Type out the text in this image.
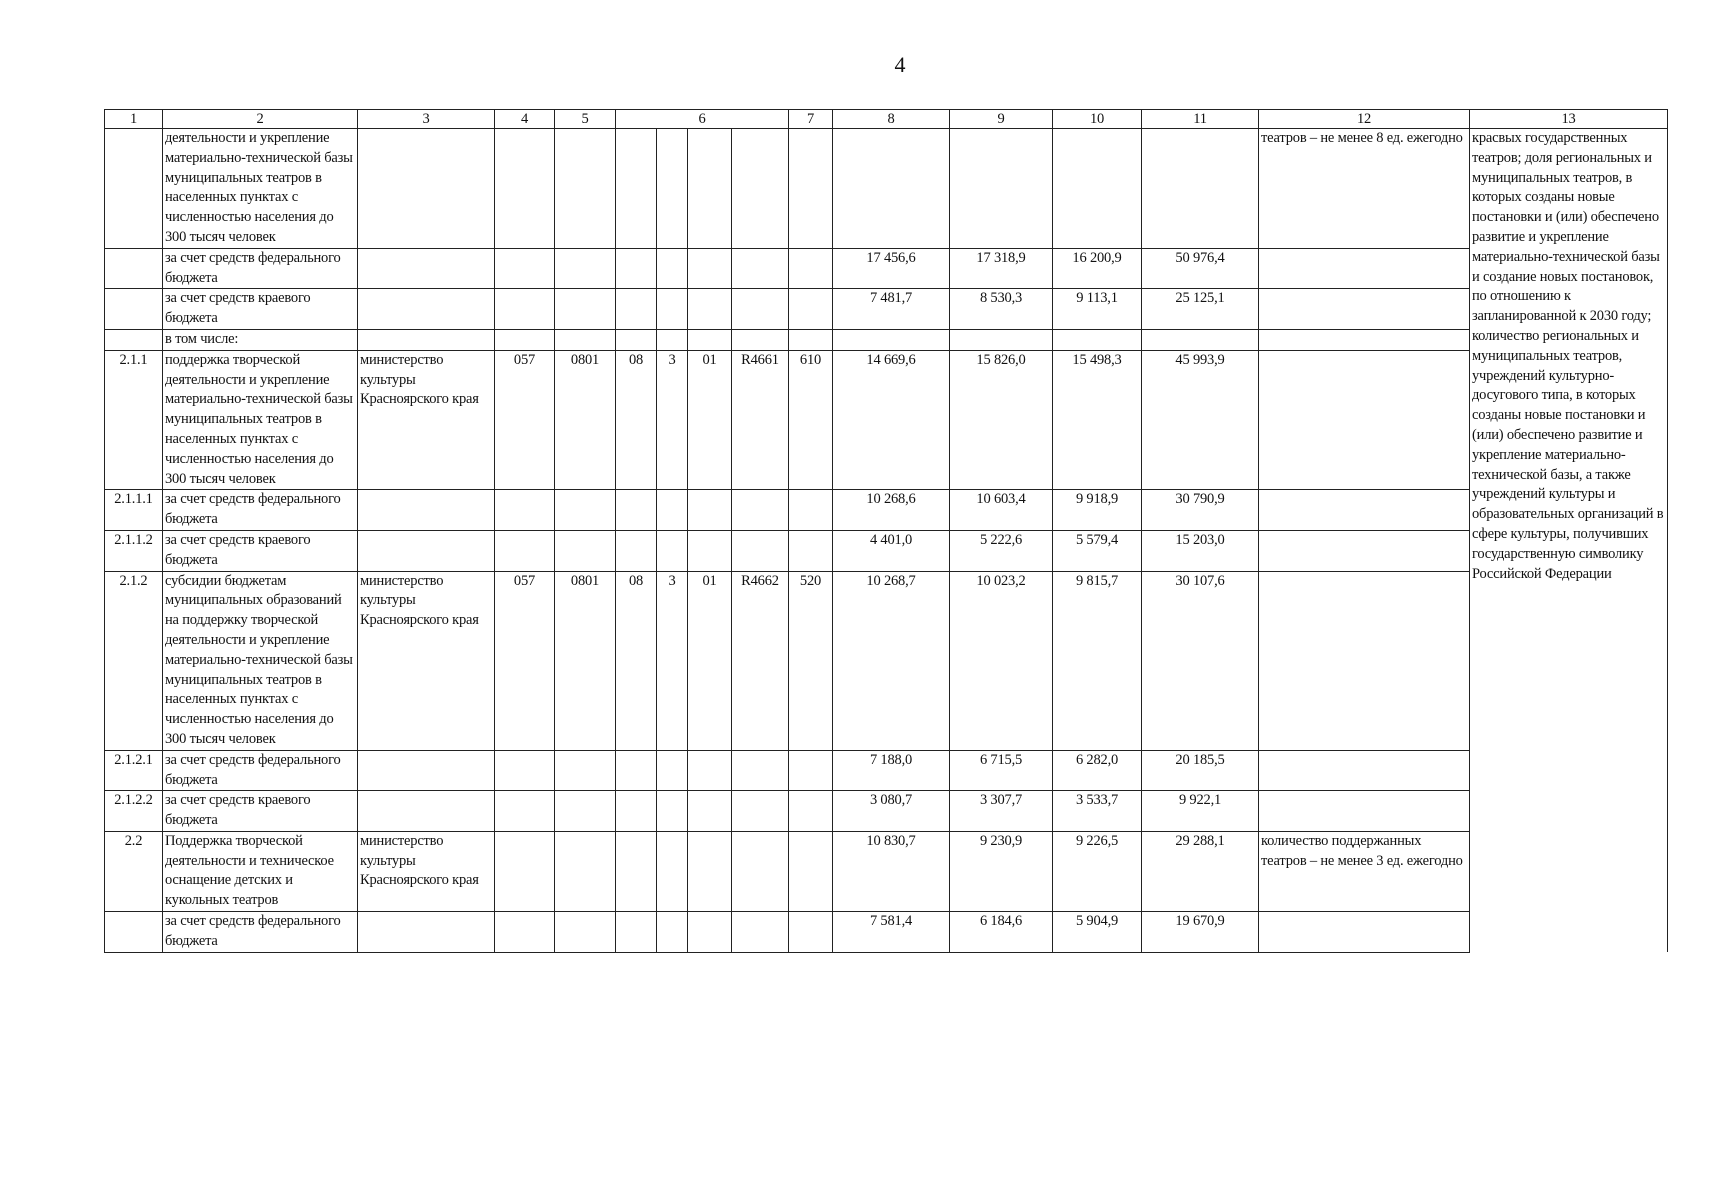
4
1	2	3	4	5	6				7	8	9	10	11	12	13
	деятельности и укрепление материально-технической базы муниципальных театров в населенных пунктах с численностью населения до 300 тысяч человек													театров – не менее 8 ед. ежегодно	красвых государственных театров; доля региональных и муниципальных театров, в которых созданы новые постановки и (или) обеспечено развитие и укрепление материально-технической базы и создание новых постановок, по отношению к запланированной к 2030 году; количество региональных и муниципальных театров, учреждений культурно-досугового типа, в которых созданы новые постановки и (или) обеспечено развитие и укрепление материально-технической базы, а также учреждений культуры и образовательных организаций в сфере культуры, получивших государственную символику Российской Федерации
	за счет средств федерального бюджета									17 456,6	17 318,9	16 200,9	50 976,4		
	за счет средств краевого бюджета									7 481,7	8 530,3	9 113,1	25 125,1		
	в том числе:														
2.1.1	поддержка творческой деятельности и укрепление материально-технической базы муниципальных театров в населенных пунктах с численностью населения до 300 тысяч человек	министерство культуры Красноярского края	057	0801	08	3	01	R4661	610	14 669,6	15 826,0	15 498,3	45 993,9		
2.1.1.1	за счет средств федерального бюджета									10 268,6	10 603,4	9 918,9	30 790,9		
2.1.1.2	за счет средств краевого бюджета									4 401,0	5 222,6	5 579,4	15 203,0		
2.1.2	субсидии бюджетам муниципальных образований на поддержку творческой деятельности и укрепление материально-технической базы муниципальных театров в населенных пунктах с численностью населения до 300 тысяч человек	министерство культуры Красноярского края	057	0801	08	3	01	R4662	520	10 268,7	10 023,2	9 815,7	30 107,6		
2.1.2.1	за счет средств федерального бюджета									7 188,0	6 715,5	6 282,0	20 185,5		
2.1.2.2	за счет средств краевого бюджета									3 080,7	3 307,7	3 533,7	9 922,1		
2.2	Поддержка творческой деятельности и техническое оснащение детских и кукольных театров	министерство культуры Красноярского края								10 830,7	9 230,9	9 226,5	29 288,1	количество поддержанных театров – не менее 3 ед. ежегодно	
	за счет средств федерального бюджета									7 581,4	6 184,6	5 904,9	19 670,9		
